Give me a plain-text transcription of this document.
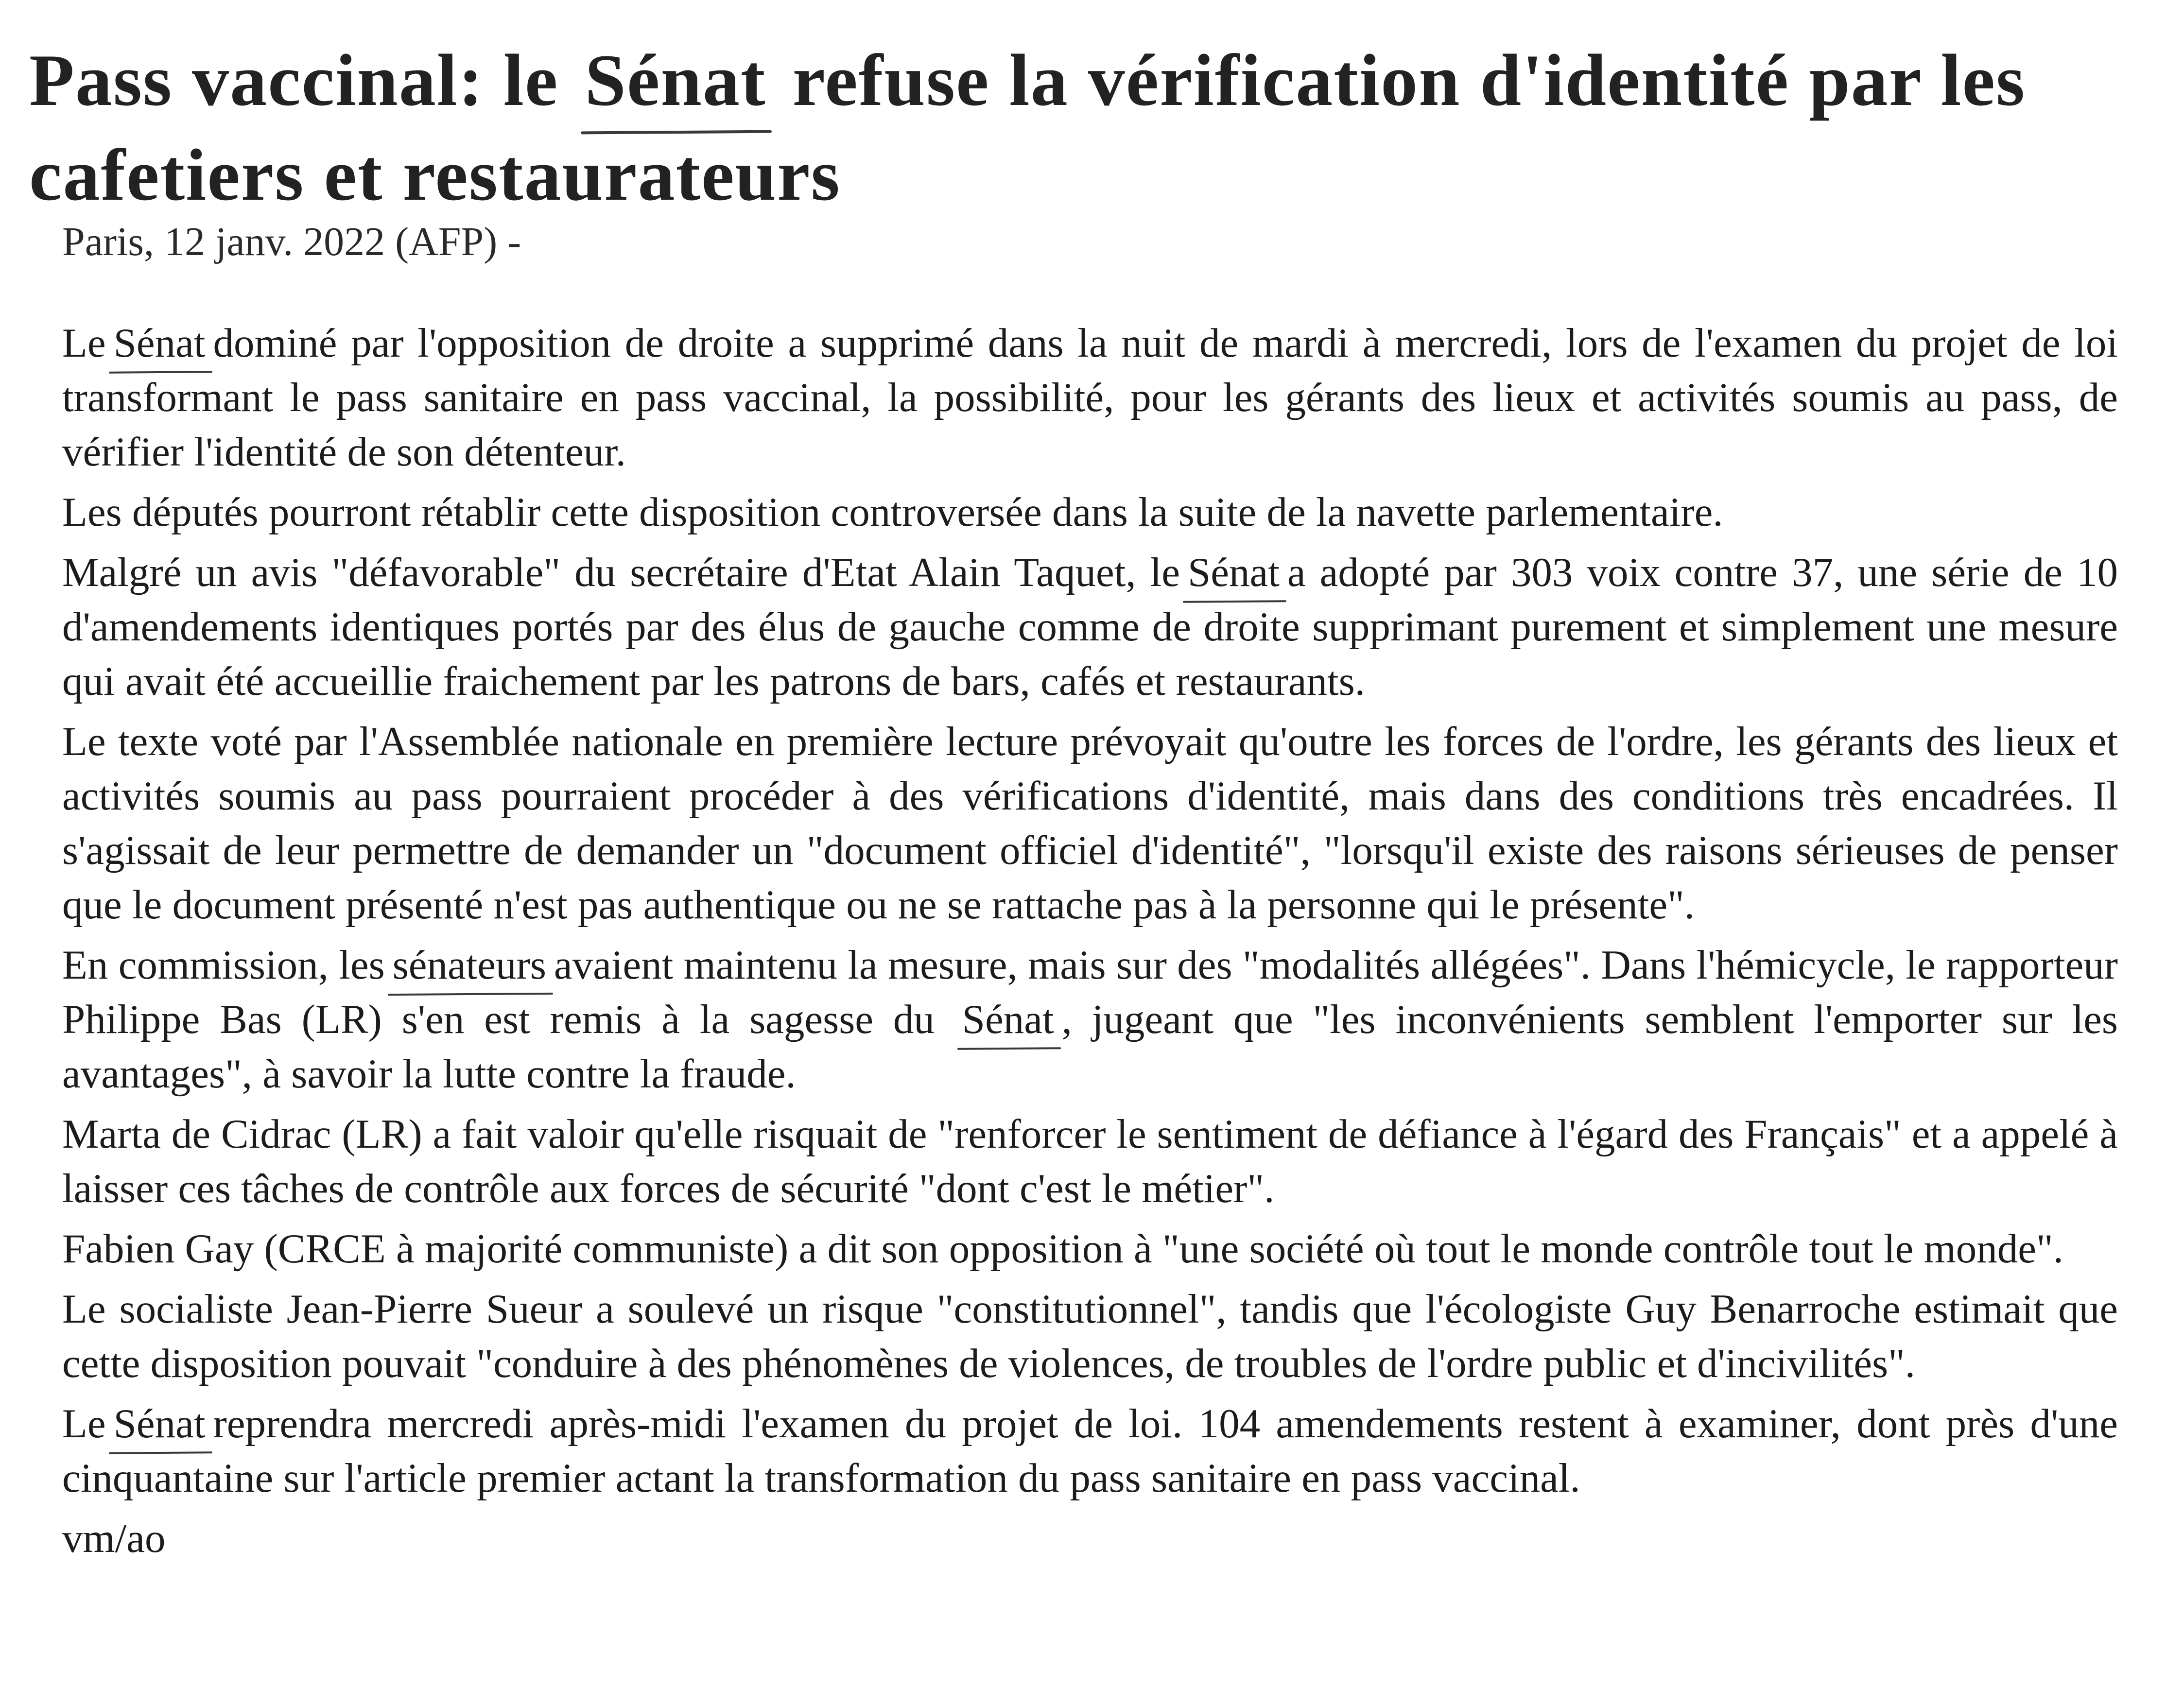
Pass vaccinal: le Sénat refuse la vérification d'identité par les cafetiers et restaurateurs
Paris, 12 janv. 2022 (AFP) -

Le Sénat dominé par l'opposition de droite a supprimé dans la nuit de mardi à mercredi, lors de l'examen du projet de loi transformant le pass sanitaire en pass vaccinal, la possibilité, pour les gérants des lieux et activités soumis au pass, de vérifier l'identité de son détenteur.

Les députés pourront rétablir cette disposition controversée dans la suite de la navette parlementaire.

Malgré un avis "défavorable" du secrétaire d'Etat Alain Taquet, le Sénat a adopté par 303 voix contre 37, une série de 10 d'amendements identiques portés par des élus de gauche comme de droite supprimant purement et simplement une mesure qui avait été accueillie fraichement par les patrons de bars, cafés et restaurants.

Le texte voté par l'Assemblée nationale en première lecture prévoyait qu'outre les forces de l'ordre, les gérants des lieux et activités soumis au pass pourraient procéder à des vérifications d'identité, mais dans des conditions très encadrées. Il s'agissait de leur permettre de demander un "document officiel d'identité", "lorsqu'il existe des raisons sérieuses de penser que le document présenté n'est pas authentique ou ne se rattache pas à la personne qui le présente".

En commission, les sénateurs avaient maintenu la mesure, mais sur des "modalités allégées". Dans l'hémicycle, le rapporteur Philippe Bas (LR) s'en est remis à la sagesse du Sénat , jugeant que "les inconvénients semblent l'emporter sur les avantages", à savoir la lutte contre la fraude.

Marta de Cidrac (LR) a fait valoir qu'elle risquait de "renforcer le sentiment de défiance à l'égard des Français" et a appelé à laisser ces tâches de contrôle aux forces de sécurité "dont c'est le métier".

Fabien Gay (CRCE à majorité communiste) a dit son opposition à "une société où tout le monde contrôle tout le monde".

Le socialiste Jean-Pierre Sueur a soulevé un risque "constitutionnel", tandis que l'écologiste Guy Benarroche estimait que cette disposition pouvait "conduire à des phénomènes de violences, de troubles de l'ordre public et d'incivilités".

Le Sénat reprendra mercredi après-midi l'examen du projet de loi. 104 amendements restent à examiner, dont près d'une cinquantaine sur l'article premier actant la transformation du pass sanitaire en pass vaccinal.

vm/ao
